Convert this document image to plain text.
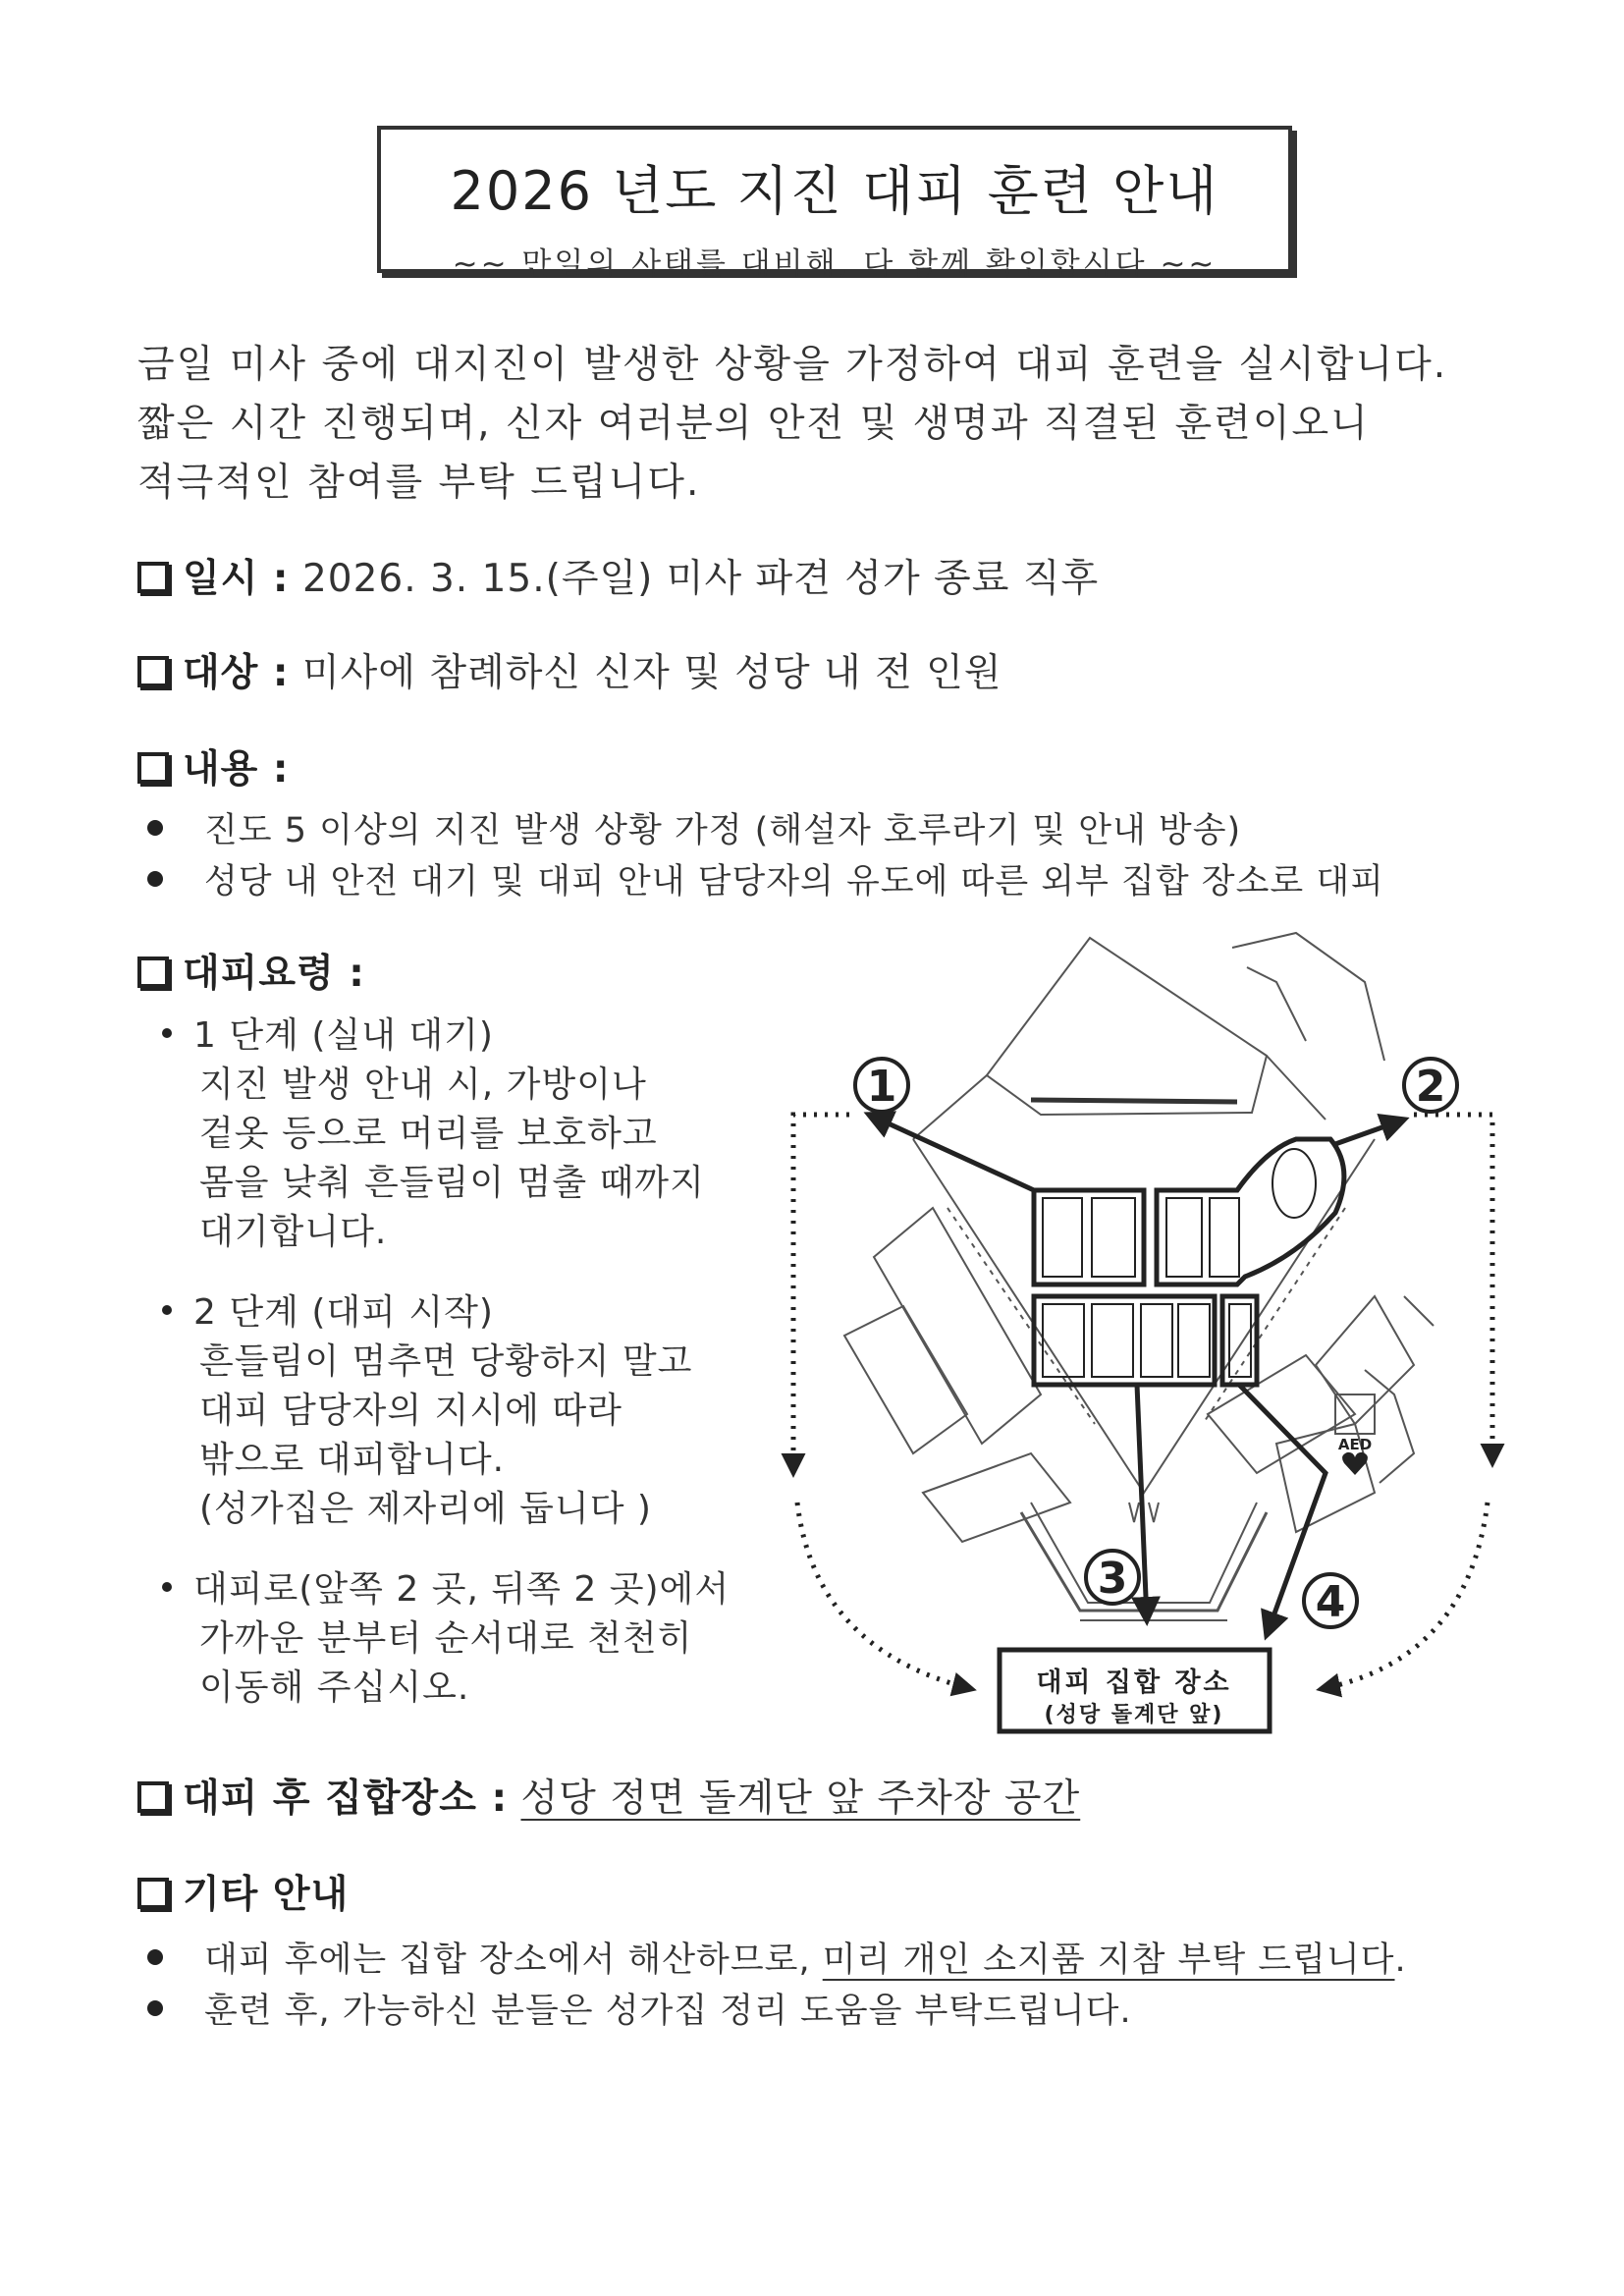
2026 년도 지진 대피 훈련 안내
~~ 만일의 사태를 대비해, 다 함께 확인합시다 ~~
금일 미사 중에 대지진이 발생한 상황을 가정하여 대피 훈련을 실시합니다.
짧은 시간 진행되며, 신자 여러분의 안전 및 생명과 직결된 훈련이오니
적극적인 참여를 부탁 드립니다.
일시 : 2026. 3. 15.(주일) 미사 파견 성가 종료 직후
대상 : 미사에 참례하신 신자 및 성당 내 전 인원
내용 :
진도 5 이상의 지진 발생 상황 가정 (해설자 호루라기 및 안내 방송)
성당 내 안전 대기 및 대피 안내 담당자의 유도에 따른 외부 집합 장소로 대피
대피요령 :
1 단계 (실내 대기)
지진 발생 안내 시, 가방이나
겉옷 등으로 머리를 보호하고
몸을 낮춰 흔들림이 멈출 때까지
대기합니다.
2 단계 (대피 시작)
흔들림이 멈추면 당황하지 말고
대피 담당자의 지시에 따라
밖으로 대피합니다.
(성가집은 제자리에 둡니다 )
대피로(앞쪽 2 곳, 뒤쪽 2 곳)에서
가까운 분부터 순서대로 천천히
이동해 주십시오.
AED
1	2
3	4
대피 집합 장소
(성당 돌계단 앞)
대피 후 집합장소 : 성당 정면 돌계단 앞 주차장 공간
기타 안내
대피 후에는 집합 장소에서 해산하므로, 미리 개인 소지품 지참 부탁 드립니다.
훈련 후, 가능하신 분들은 성가집 정리 도움을 부탁드립니다.
